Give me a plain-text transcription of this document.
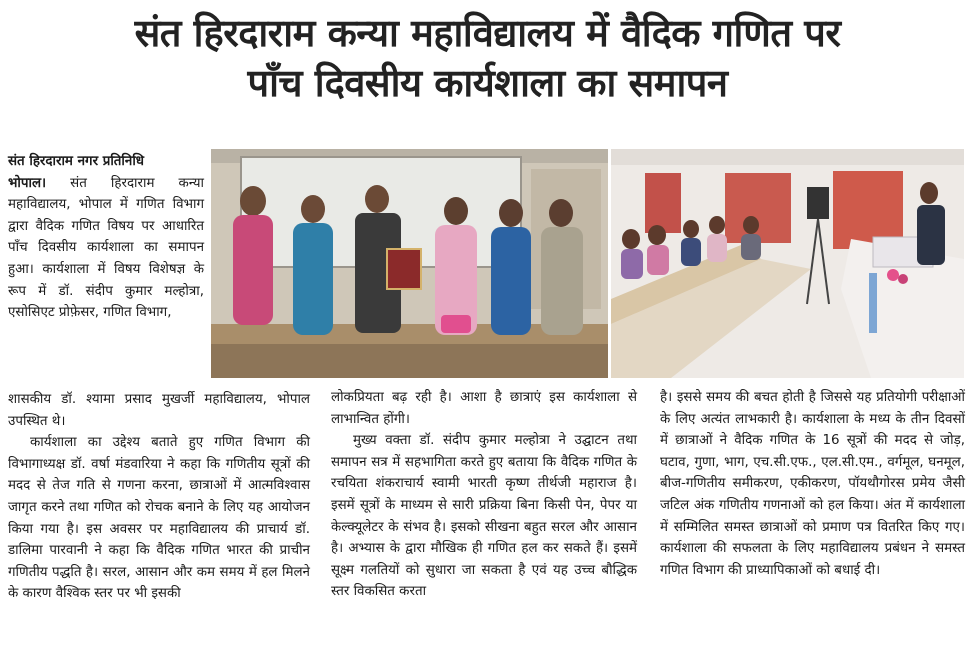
संत हिरदाराम कन्या महाविद्यालय में वैदिक गणित पर
पाँच दिवसीय कार्यशाला का समापन

संत हिरदाराम नगर प्रतिनिधि
भोपाल। संत हिरदाराम कन्या महाविद्यालय, भोपाल में गणित विभाग द्वारा वैदिक गणित विषय पर आधारित पाँच दिवसीय कार्यशाला का समापन हुआ। कार्यशाला में विषय विशेषज्ञ के रूप में डॉ. संदीप कुमार मल्होत्रा, एसोसिएट प्रोफ़ेसर, गणित विभाग,

शासकीय डॉ. श्यामा प्रसाद मुखर्जी महाविद्यालय, भोपाल उपस्थित थे।

कार्यशाला का उद्देश्य बताते हुए गणित विभाग की विभागाध्यक्ष डॉ. वर्षा मंडवारिया ने कहा कि गणितीय सूत्रों की मदद से तेज गति से गणना करना, छात्राओं में आत्मविश्वास जागृत करने तथा गणित को रोचक बनाने के लिए यह आयोजन किया गया है। इस अवसर पर महाविद्यालय की प्राचार्य डॉ. डालिमा पारवानी ने कहा कि वैदिक गणित भारत की प्राचीन गणितीय पद्धति है। सरल, आसान और कम समय में हल मिलने के कारण वैश्विक स्तर पर भी इसकी

लोकप्रियता बढ़ रही है। आशा है छात्राएं इस कार्यशाला से लाभान्वित होंगी।

मुख्य वक्ता डॉ. संदीप कुमार मल्होत्रा ने उद्घाटन तथा समापन सत्र में सहभागिता करते हुए बताया कि वैदिक गणित के रचयिता शंकराचार्य स्वामी भारती कृष्ण तीर्थजी महाराज है। इसमें सूत्रों के माध्यम से सारी प्रक्रिया बिना किसी पेन, पेपर या केल्क्यूलेटर के संभव है। इसको सीखना बहुत सरल और आसान है। अभ्यास के द्वारा मौखिक ही गणित हल कर सकते हैं। इसमें सूक्ष्म गलतियों को सुधारा जा सकता है एवं यह उच्च बौद्धिक स्तर विकसित करता

है। इससे समय की बचत होती है जिससे यह प्रतियोगी परीक्षाओं के लिए अत्यंत लाभकारी है। कार्यशाला के मध्य के तीन दिवसों में छात्राओं ने वैदिक गणित के 16 सूत्रों की मदद से जोड़, घटाव, गुणा, भाग, एच.सी.एफ., एल.सी.एम., वर्गमूल, घनमूल, बीज-गणितीय समीकरण, एकीकरण, पॉयथौगोरस प्रमेय जैसी जटिल अंक गणितीय गणनाओं को हल किया। अंत में कार्यशाला में सम्मिलित समस्त छात्राओं को प्रमाण पत्र वितरित किए गए। कार्यशाला की सफलता के लिए महाविद्यालय प्रबंधन ने समस्त गणित विभाग की प्राध्यापिकाओं को बधाई दी।
